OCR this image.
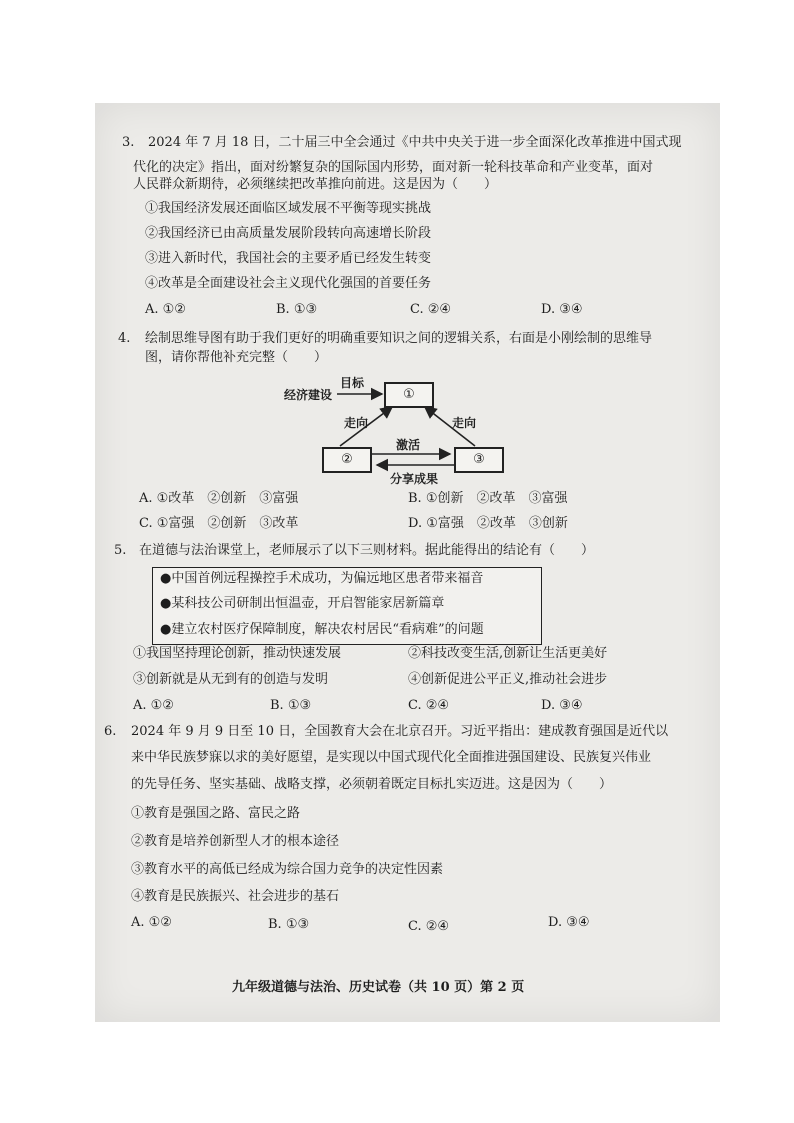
3. 2024 年 7 月 18 日，二十届三中全会通过《中共中央关于进一步全面深化改革推进中国式现
代化的决定》指出，面对纷繁复杂的国际国内形势，面对新一轮科技革命和产业变革，面对
人民群众新期待，必须继续把改革推向前进。这是因为（　　）
①我国经济发展还面临区域发展不平衡等现实挑战
②我国经济已由高质量发展阶段转向高速增长阶段
③进入新时代，我国社会的主要矛盾已经发生转变
④改革是全面建设社会主义现代化强国的首要任务
A. ①②	B. ①③	C. ②④	D. ③④
4. 绘制思维导图有助于我们更好的明确重要知识之间的逻辑关系，右面是小刚绘制的思维导
图，请你帮他补充完整（　　）
①
②	③
目标
经济建设
走向	走向
激活
分享成果
A. ①改革　②创新　③富强	B. ①创新　②改革　③富强
C. ①富强　②创新　③改革	D. ①富强　②改革　③创新
5. 在道德与法治课堂上，老师展示了以下三则材料。据此能得出的结论有（　　）
●中国首例远程操控手术成功，为偏远地区患者带来福音
●某科技公司研制出恒温壶，开启智能家居新篇章
●建立农村医疗保障制度，解决农村居民“看病难”的问题
①我国坚持理论创新，推动快速发展	②科技改变生活,创新让生活更美好
③创新就是从无到有的创造与发明	④创新促进公平正义,推动社会进步
A. ①②	B. ①③	C. ②④	D. ③④
6. 2024 年 9 月 9 日至 10 日，全国教育大会在北京召开。习近平指出：建成教育强国是近代以
来中华民族梦寐以求的美好愿望，是实现以中国式现代化全面推进强国建设、民族复兴伟业
的先导任务、坚实基础、战略支撑，必须朝着既定目标扎实迈进。这是因为（　　）
①教育是强国之路、富民之路
②教育是培养创新型人才的根本途径
③教育水平的高低已经成为综合国力竞争的决定性因素
④教育是民族振兴、社会进步的基石
A. ①②	B. ①③	C. ②④	D. ③④
九年级道德与法治、历史试卷（共 10 页）第 2 页
